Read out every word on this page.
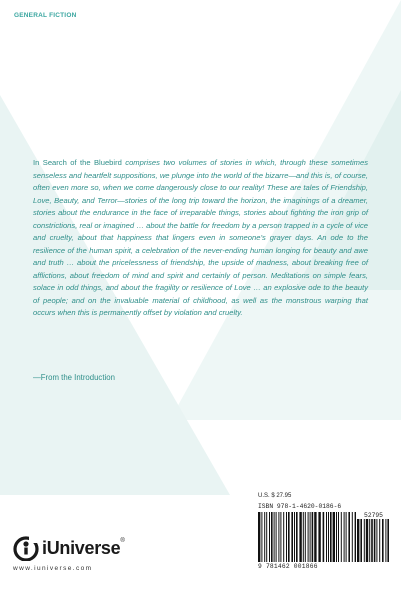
GENERAL FICTION

In Search of the Bluebird comprises two volumes of stories in which, through these sometimes senseless and heartfelt suppositions, we plunge into the world of the bizarre—and this is, of course, often even more so, when we come dangerously close to our reality! These are tales of Friendship, Love, Beauty, and Terror—stories of the long trip toward the horizon, the imaginings of a dreamer, stories about the endurance in the face of irreparable things, stories about fighting the iron grip of constrictions, real or imagined … about the battle for freedom by a person trapped in a cycle of vice and cruelty, about that happiness that lingers even in someone’s grayer days. An ode to the resilience of the human spirit, a celebration of the never-ending human longing for beauty and awe and truth … about the pricelessness of friendship, the upside of madness, about breaking free of afflictions, about freedom of mind and spirit and certainly of person. Meditations on simple fears, solace in odd things, and about the fragility or resilience of Love … an explosive ode to the beauty of people; and on the invaluable material of childhood, as well as the monstrous warping that occurs when this is permanently offset by violation and cruelty.

—From the Introduction

U.S. $ 27.95
ISBN 978-1-4620-0186-6
52795
9 781462 001866
iUniverse®
www.iuniverse.com
